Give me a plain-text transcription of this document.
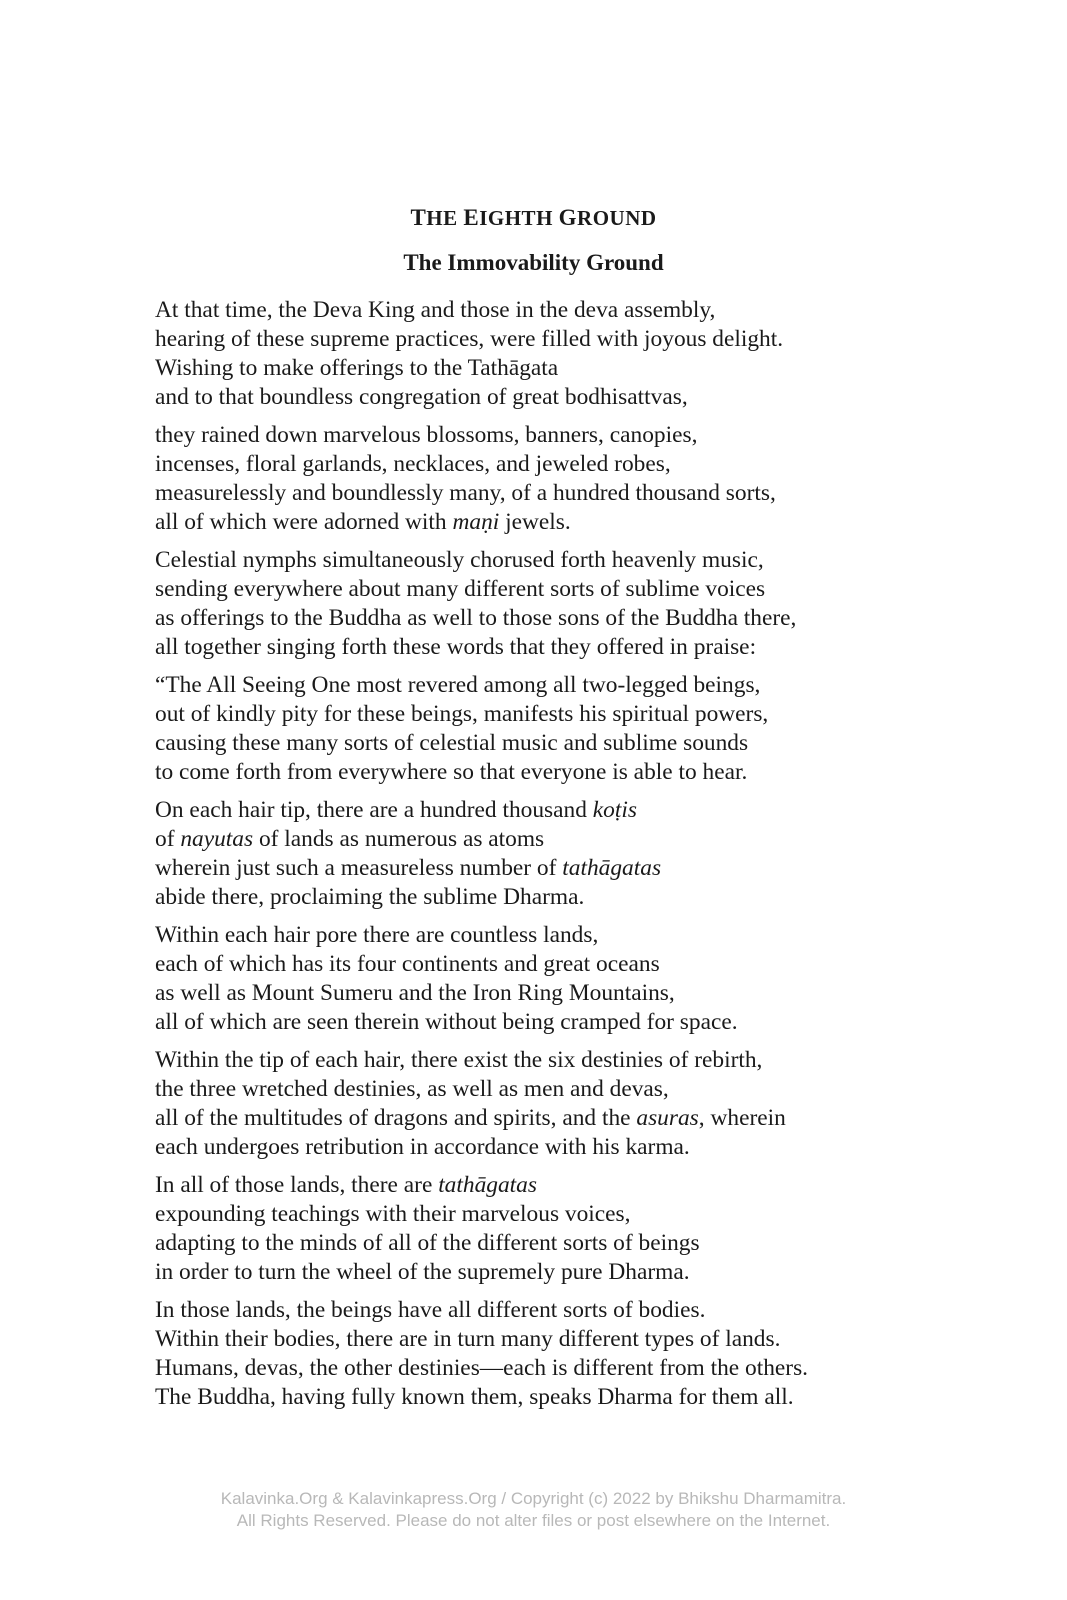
THE EIGHTH GROUND
The Immovability Ground
At that time, the Deva King and those in the deva assembly,
hearing of these supreme practices, were filled with joyous delight.
Wishing to make offerings to the Tathāgata
and to that boundless congregation of great bodhisattvas,
they rained down marvelous blossoms, banners, canopies,
incenses, floral garlands, necklaces, and jeweled robes,
measurelessly and boundlessly many, of a hundred thousand sorts,
all of which were adorned with maṇi jewels.
Celestial nymphs simultaneously chorused forth heavenly music,
sending everywhere about many different sorts of sublime voices
as offerings to the Buddha as well to those sons of the Buddha there,
all together singing forth these words that they offered in praise:
“The All Seeing One most revered among all two-legged beings,
out of kindly pity for these beings, manifests his spiritual powers,
causing these many sorts of celestial music and sublime sounds
to come forth from everywhere so that everyone is able to hear.
On each hair tip, there are a hundred thousand koṭis
of nayutas of lands as numerous as atoms
wherein just such a measureless number of tathāgatas
abide there, proclaiming the sublime Dharma.
Within each hair pore there are countless lands,
each of which has its four continents and great oceans
as well as Mount Sumeru and the Iron Ring Mountains,
all of which are seen therein without being cramped for space.
Within the tip of each hair, there exist the six destinies of rebirth,
the three wretched destinies, as well as men and devas,
all of the multitudes of dragons and spirits, and the asuras, wherein
each undergoes retribution in accordance with his karma.
In all of those lands, there are tathāgatas
expounding teachings with their marvelous voices,
adapting to the minds of all of the different sorts of beings
in order to turn the wheel of the supremely pure Dharma.
In those lands, the beings have all different sorts of bodies.
Within their bodies, there are in turn many different types of lands.
Humans, devas, the other destinies—each is different from the others.
The Buddha, having fully known them, speaks Dharma for them all.
Kalavinka.Org & Kalavinkapress.Org / Copyright (c) 2022 by Bhikshu Dharmamitra.
All Rights Reserved. Please do not alter files or post elsewhere on the Internet.
